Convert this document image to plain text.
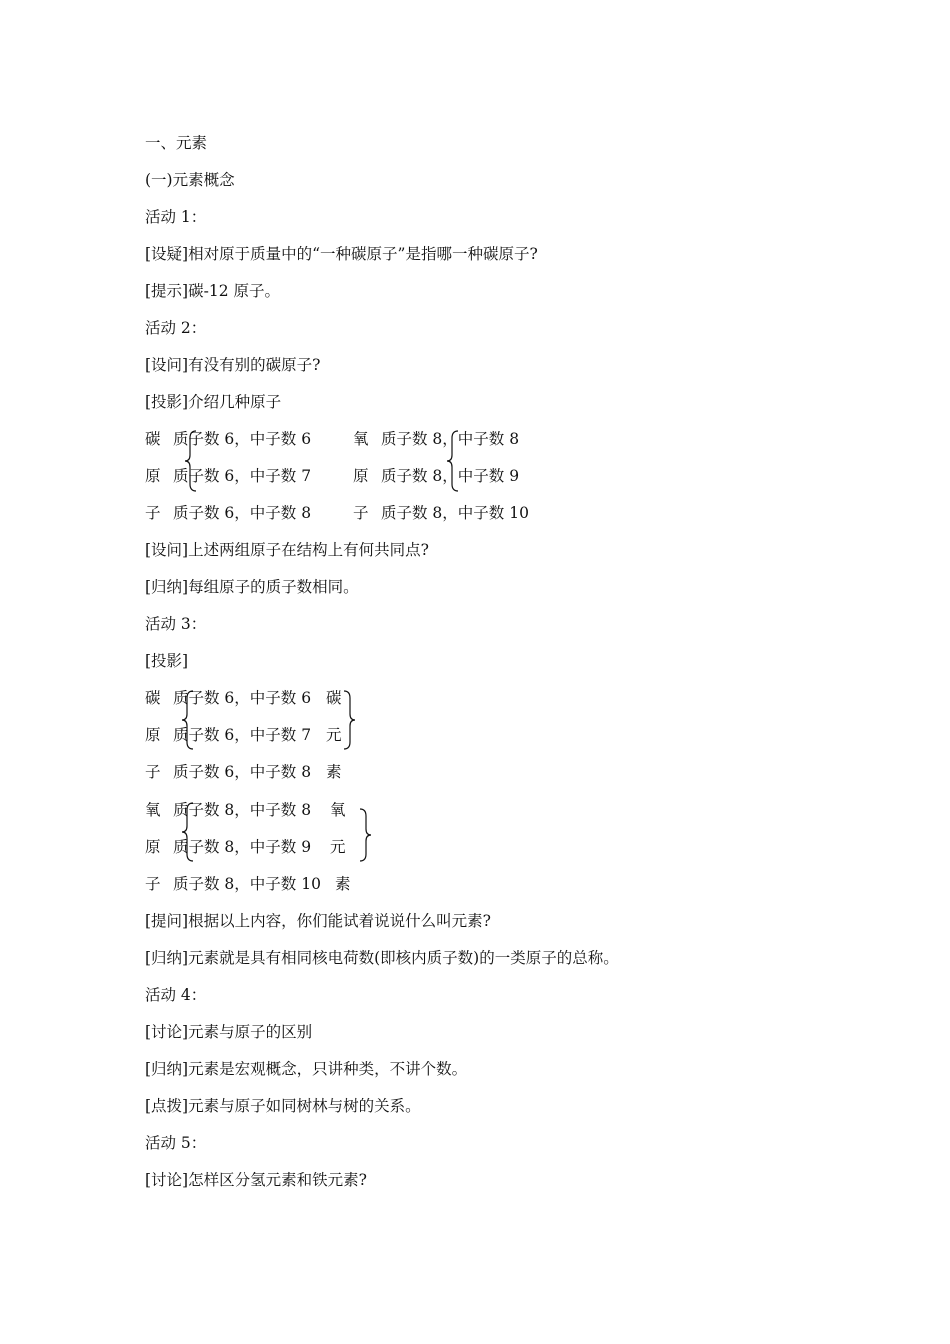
一、元素
(一)元素概念
活动 1：
[设疑]相对原于质量中的“一种碳原子”是指哪一种碳原子?
[提示]碳-12 原子。
活动 2：
[设问]有没有别的碳原子?
[投影]介绍几种原子
碳 质子数 6，中子数 6	氧 质子数 8，中子数 8
原 质子数 6，中子数 7	原 质子数 8，中子数 9
子 质子数 6，中子数 8	子 质子数 8，中子数 10
[设问]上述两组原子在结构上有何共同点?
[归纳]每组原子的质子数相同。
活动 3：
[投影]
碳 质子数 6，中子数 6 碳
原 质子数 6，中子数 7 元
子 质子数 6，中子数 8 素
氧 质子数 8，中子数 8 氧
原 质子数 8，中子数 9 元
子 质子数 8，中子数 10 素
[提问]根据以上内容，你们能试着说说什么叫元素?
[归纳]元素就是具有相同核电荷数(即核内质子数)的一类原子的总称。
活动 4：
[讨论]元素与原子的区别
[归纳]元素是宏观概念，只讲种类，不讲个数。
[点拨]元素与原子如同树林与树的关系。
活动 5：
[讨论]怎样区分氢元素和铁元素?
